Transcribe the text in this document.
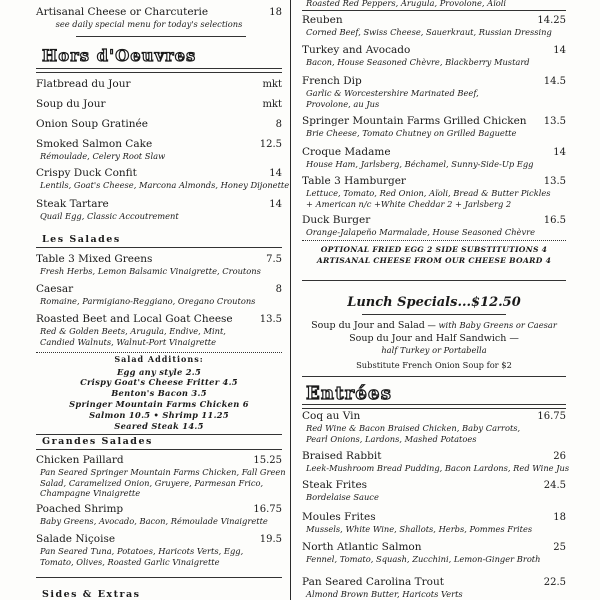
Artisanal Cheese or Charcuterie	18
see daily special menu for today's selections
Hors d'Oeuvres
Flatbread du Jour	mkt
Soup du Jour	mkt
Onion Soup Gratinée	8
Smoked Salmon Cake	12.5
Rémoulade, Celery Root Slaw
Crispy Duck Confit	14
Lentils, Goat's Cheese, Marcona Almonds, Honey Dijonette
Steak Tartare	14
Quail Egg, Classic Accoutrement
Les Salades
Table 3 Mixed Greens	7.5
Fresh Herbs, Lemon Balsamic Vinaigrette, Croutons
Caesar	8
Romaine, Parmigiano-Reggiano, Oregano Croutons
Roasted Beet and Local Goat Cheese	13.5
Red & Golden Beets, Arugula, Endive, Mint,
Candied Walnuts, Walnut-Port Vinaigrette
Salad Additions:
Egg any style 2.5
Crispy Goat's Cheese Fritter 4.5
Benton's Bacon 3.5
Springer Mountain Farms Chicken 6
Salmon 10.5 • Shrimp 11.25
Seared Steak 14.5
Grandes Salades
Chicken Paillard	15.25
Pan Seared Springer Mountain Farms Chicken, Fall Green
Salad, Caramelized Onion, Gruyere, Parmesan Frico,
Champagne Vinaigrette
Poached Shrimp	16.75
Baby Greens, Avocado, Bacon, Rémoulade Vinaigrette
Salade Niçoise	19.5
Pan Seared Tuna, Potatoes, Haricots Verts, Egg,
Tomato, Olives, Roasted Garlic Vinaigrette
Sides & Extras
Roasted Red Peppers, Arugula, Provolone, Aïoli
Reuben	14.25
Corned Beef, Swiss Cheese, Sauerkraut, Russian Dressing
Turkey and Avocado	14
Bacon, House Seasoned Chèvre, Blackberry Mustard
French Dip	14.5
Garlic & Worcestershire Marinated Beef,
Provolone, au Jus
Springer Mountain Farms Grilled Chicken 13.5
Brie Cheese, Tomato Chutney on Grilled Baguette
Croque Madame	14
House Ham, Jarlsberg, Béchamel, Sunny-Side-Up Egg
Table 3 Hamburger	13.5
Lettuce, Tomato, Red Onion, Aïoli, Bread & Butter Pickles
+ American n/c +White Cheddar 2 + Jarlsberg 2
Duck Burger	16.5
Orange-Jalapeño Marmalade, House Seasoned Chèvre
OPTIONAL FRIED EGG 2 SIDE SUBSTITUTIONS 4
ARTISANAL CHEESE FROM OUR CHEESE BOARD 4
Lunch Specials...$12.50
Soup du Jour and Salad — with Baby Greens or Caesar
Soup du Jour and Half Sandwich —
half Turkey or Portabella
Substitute French Onion Soup for $2
Entrées
Coq au Vin	16.75
Red Wine & Bacon Braised Chicken, Baby Carrots,
Pearl Onions, Lardons, Mashed Potatoes
Braised Rabbit	26
Leek-Mushroom Bread Pudding, Bacon Lardons, Red Wine Jus
Steak Frites	24.5
Bordelaise Sauce
Moules Frites	18
Mussels, White Wine, Shallots, Herbs, Pommes Frites
North Atlantic Salmon	25
Fennel, Tomato, Squash, Zucchini, Lemon-Ginger Broth
Pan Seared Carolina Trout	22.5
Almond Brown Butter, Haricots Verts
